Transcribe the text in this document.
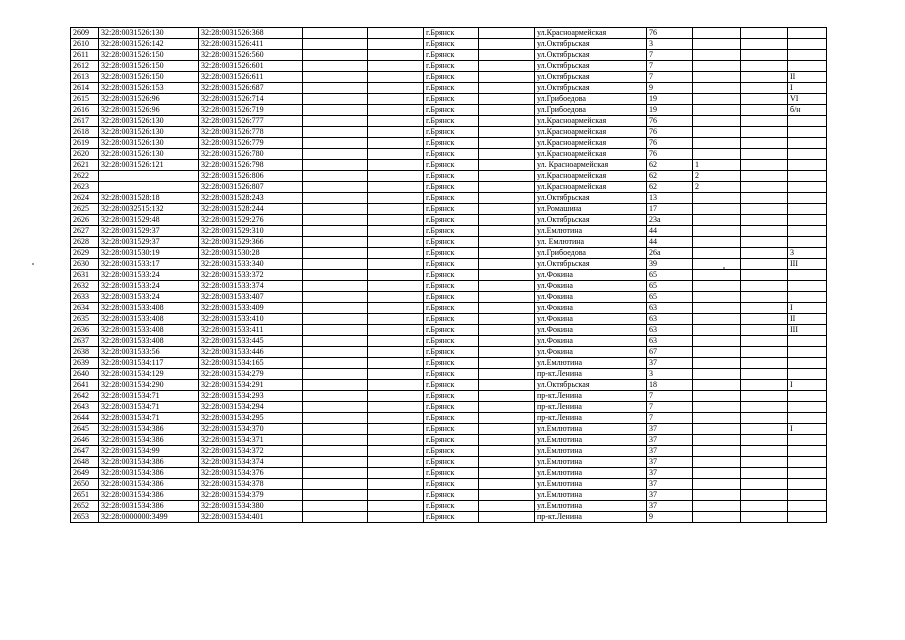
2609	32:28:0031526:130	32:28:0031526:368			г.Брянск		ул.Красноармейская	76			
2610	32:28:0031526:142	32:28:0031526:411			г.Брянск		ул.Октябрьская	3			
2611	32:28:0031526:150	32:28:0031526:560			г.Брянск		ул.Октябрьская	7			
2612	32:28:0031526:150	32:28:0031526:601			г.Брянск		ул.Октябрьская	7			
2613	32:28:0031526:150	32:28:0031526:611			г.Брянск		ул.Октябрьская	7			II
2614	32:28:0031526:153	32:28:0031526:687			г.Брянск		ул.Октябрьская	9			I
2615	32:28:0031526:96	32:28:0031526:714			г.Брянск		ул.Грибоедова	19			VI
2616	32:28:0031526:96	32:28:0031526:719			г.Брянск		ул.Грибоедова	19			б/н
2617	32:28:0031526:130	32:28:0031526:777			г.Брянск		ул.Красноармейская	76			
2618	32:28:0031526:130	32:28:0031526:778			г.Брянск		ул.Красноармейская	76			
2619	32:28:0031526:130	32:28:0031526:779			г.Брянск		ул.Красноармейская	76			
2620	32:28:0031526:130	32:28:0031526:780			г.Брянск		ул.Красноармейская	76			
2621	32:28:0031526:121	32:28:0031526:798			г.Брянск		ул. Красноармейская	62	1		
2622		32:28:0031526:806			г.Брянск		ул.Красноармейская	62	2		
2623		32:28:0031526:807			г.Брянск		ул.Красноармейская	62	2		
2624	32:28:0031528:18	32:28:0031528:243			г.Брянск		ул.Октябрьская	13			
2625	32:28:0032515:132	32:28:0031528:244			г.Брянск		ул.Ромашина	17			
2626	32:28:0031529:48	32:28:0031529:276			г.Брянск		ул.Октябрьская	23а			
2627	32:28:0031529:37	32:28:0031529:310			г.Брянск		ул.Емлютина	44			
2628	32:28:0031529:37	32:28:0031529:366			г.Брянск		ул. Емлютина	44			
2629	32:28:0031530:19	32:28:0031530:28			г.Брянск		ул.Грибоедова	26а			3
2630	32:28:0031533:17	32:28:0031533:340			г.Брянск		ул.Октябрьская	39			III
2631	32:28:0031533:24	32:28:0031533:372			г.Брянск		ул.Фокина	65			
2632	32:28:0031533:24	32:28:0031533:374			г.Брянск		ул.Фокина	65			
2633	32:28:0031533:24	32:28:0031533:407			г.Брянск		ул.Фокина	65			
2634	32:28:0031533:408	32:28:0031533:409			г.Брянск		ул.Фокина	63			I
2635	32:28:0031533:408	32:28:0031533:410			г.Брянск		ул.Фокина	63			II
2636	32:28:0031533:408	32:28:0031533:411			г.Брянск		ул.Фокина	63			III
2637	32:28:0031533:408	32:28:0031533:445			г.Брянск		ул.Фокина	63			
2638	32:28:0031533:56	32:28:0031533:446			г.Брянск		ул.Фокина	67			
2639	32:28:0031534:117	32:28:0031534:165			г.Брянск		ул.Емлютина	37			
2640	32:28:0031534:129	32:28:0031534:279			г.Брянск		пр-кт.Ленина	3			
2641	32:28:0031534:290	32:28:0031534:291			г.Брянск		ул.Октябрьская	18			I
2642	32:28:0031534:71	32:28:0031534:293			г.Брянск		пр-кт.Ленина	7			
2643	32:28:0031534:71	32:28:0031534:294			г.Брянск		пр-кт.Ленина	7			
2644	32:28:0031534:71	32:28:0031534:295			г.Брянск		пр-кт.Ленина	7			
2645	32:28:0031534:386	32:28:0031534:370			г.Брянск		ул.Емлютина	37			I
2646	32:28:0031534:386	32:28:0031534:371			г.Брянск		ул.Емлютина	37			
2647	32:28:0031534:99	32:28:0031534:372			г.Брянск		ул.Емлютина	37			
2648	32:28:0031534:386	32:28:0031534:374			г.Брянск		ул.Емлютина	37			
2649	32:28:0031534:386	32:28:0031534:376			г.Брянск		ул.Емлютина	37			
2650	32:28:0031534:386	32:28:0031534:378			г.Брянск		ул.Емлютина	37			
2651	32:28:0031534:386	32:28:0031534:379			г.Брянск		ул.Емлютина	37			
2652	32:28:0031534:386	32:28:0031534:380			г.Брянск		ул.Емлютина	37			
2653	32:28:0000000:3499	32:28:0031534:401			г.Брянск		пр-кт.Ленина	9			
